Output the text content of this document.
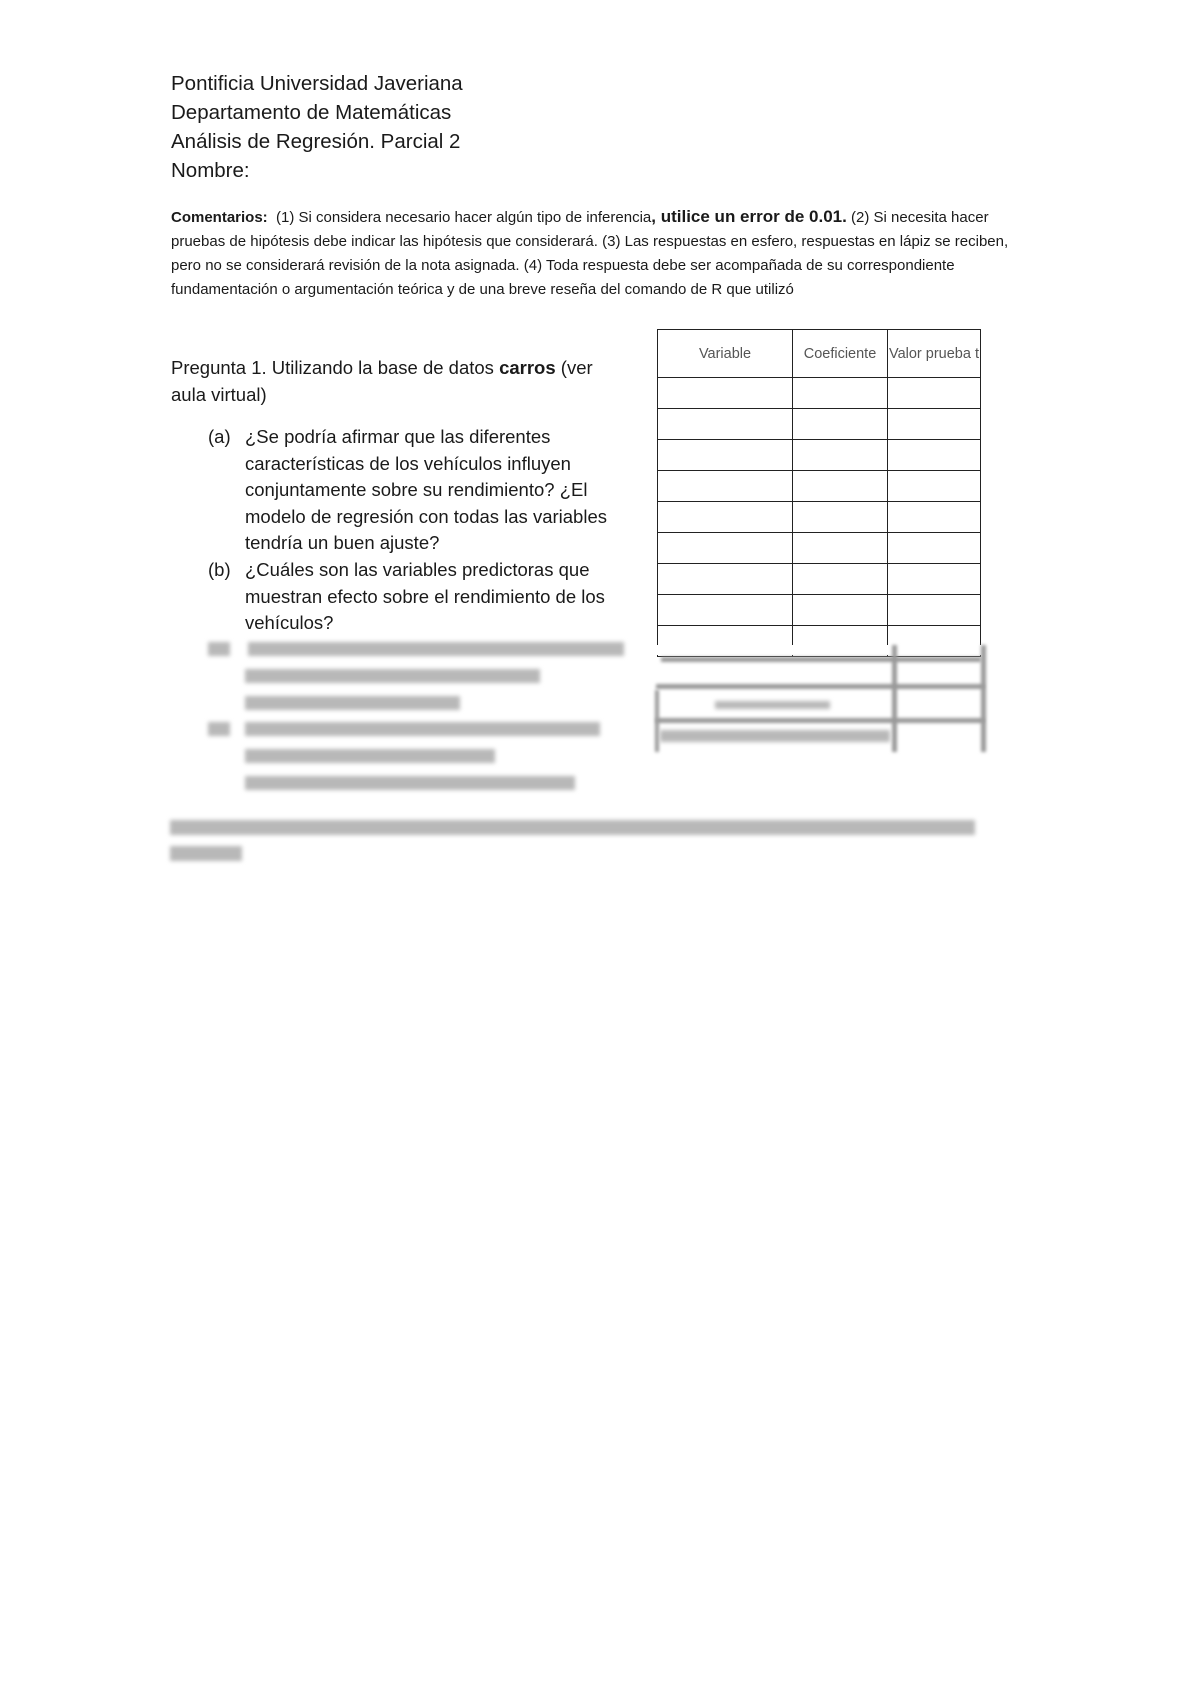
Pontificia Universidad Javeriana
Departamento de Matemáticas
Análisis de Regresión. Parcial 2
Nombre:
Comentarios: (1) Si considera necesario hacer algún tipo de inferencia, utilice un error de 0.01. (2) Si necesita hacer pruebas de hipótesis debe indicar las hipótesis que considerará. (3) Las respuestas en esfero, respuestas en lápiz se reciben, pero no se considerará revisión de la nota asignada. (4) Toda respuesta debe ser acompañada de su correspondiente fundamentación o argumentación teórica y de una breve reseña del comando de R que utilizó
Pregunta 1. Utilizando la base de datos carros (ver aula virtual)
(a) ¿Se podría afirmar que las diferentes características de los vehículos influyen conjuntamente sobre su rendimiento? ¿El modelo de regresión con todas las variables tendría un buen ajuste?
(b) ¿Cuáles son las variables predictoras que muestran efecto sobre el rendimiento de los vehículos?
Variable	Coeficiente	Valor prueba t
